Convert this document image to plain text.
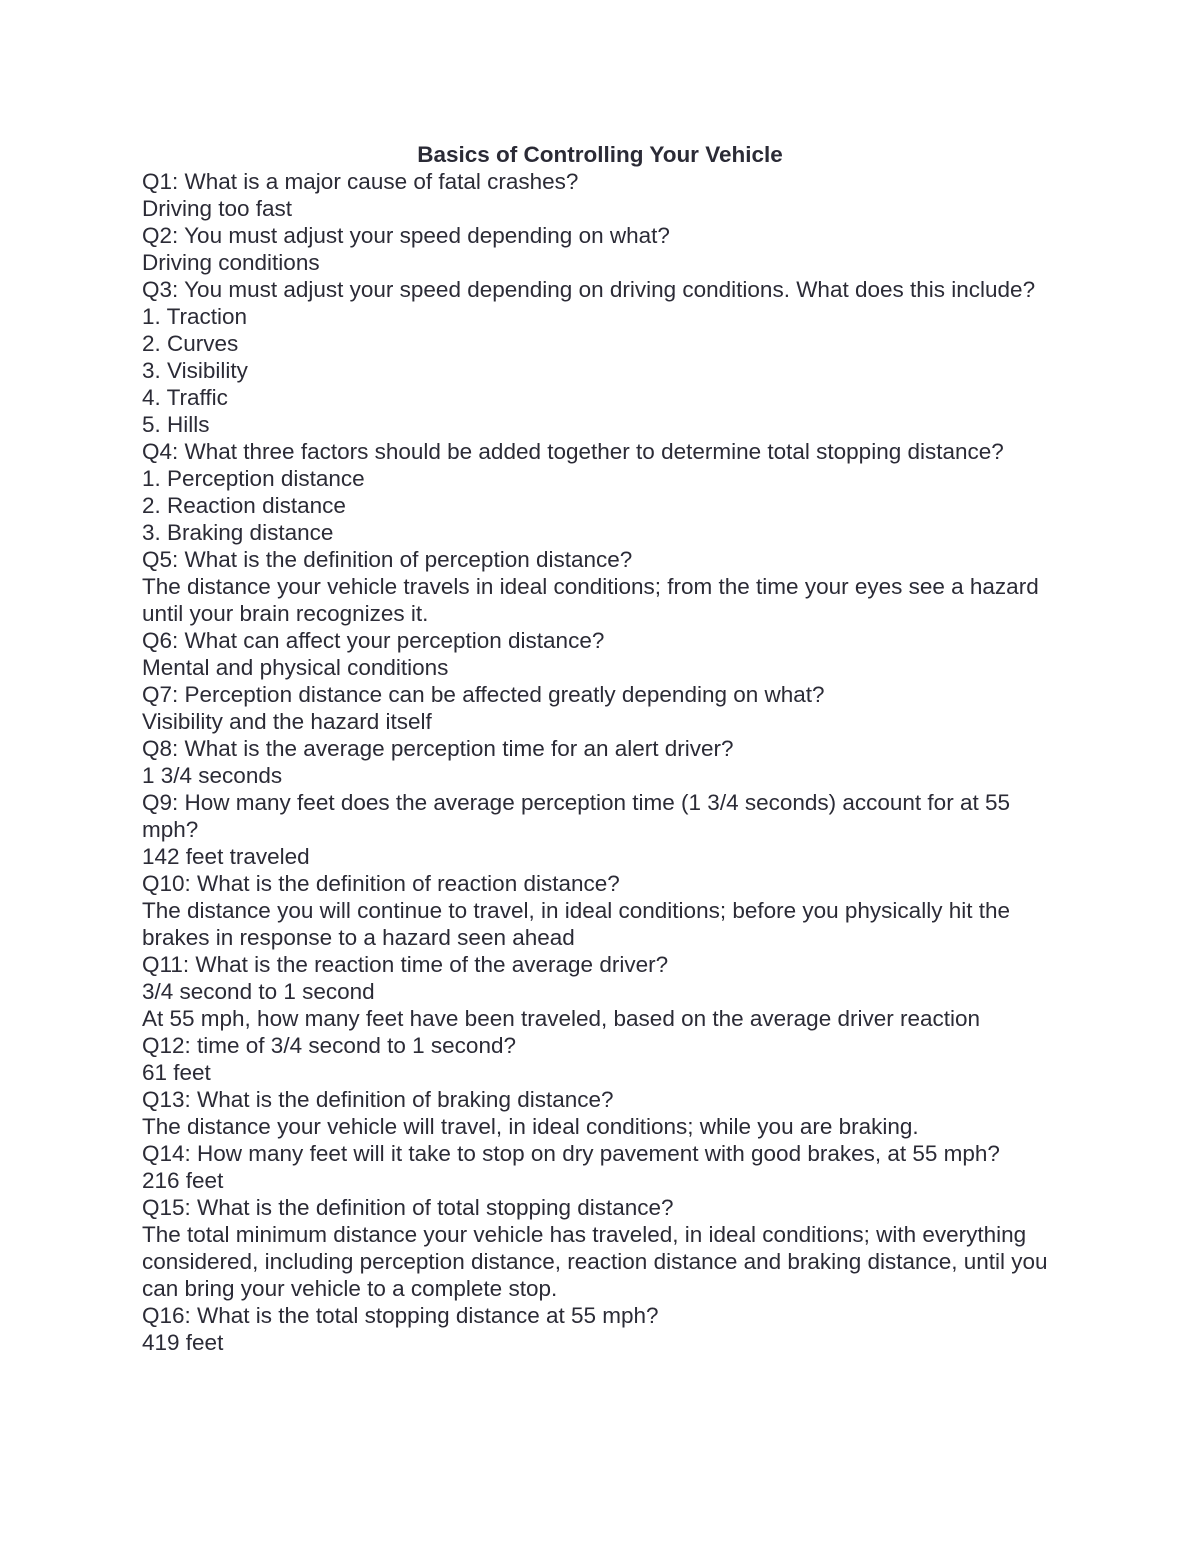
Basics of Controlling Your Vehicle

Q1: What is a major cause of fatal crashes?

Driving too fast

Q2: You must adjust your speed depending on what?

Driving conditions

Q3: You must adjust your speed depending on driving conditions. What does this include?

1. Traction

2. Curves

3. Visibility

4. Traffic

5. Hills

Q4: What three factors should be added together to determine total stopping distance?

1. Perception distance

2. Reaction distance

3. Braking distance

Q5: What is the definition of perception distance?

The distance your vehicle travels in ideal conditions; from the time your eyes see a hazard until your brain recognizes it.

Q6: What can affect your perception distance?

Mental and physical conditions

Q7: Perception distance can be affected greatly depending on what?

Visibility and the hazard itself

Q8: What is the average perception time for an alert driver?

1 3/4 seconds

Q9: How many feet does the average perception time (1 3/4 seconds) account for at 55 mph?

142 feet traveled

Q10: What is the definition of reaction distance?

The distance you will continue to travel, in ideal conditions; before you physically hit the brakes in response to a hazard seen ahead

Q11: What is the reaction time of the average driver?

3/4 second to 1 second

At 55 mph, how many feet have been traveled, based on the average driver reaction

Q12: time of 3/4 second to 1 second?

61 feet

Q13: What is the definition of braking distance?

The distance your vehicle will travel, in ideal conditions; while you are braking.

Q14: How many feet will it take to stop on dry pavement with good brakes, at 55 mph?

216 feet

Q15: What is the definition of total stopping distance?

The total minimum distance your vehicle has traveled, in ideal conditions; with everything considered, including perception distance, reaction distance and braking distance, until you can bring your vehicle to a complete stop.

Q16: What is the total stopping distance at 55 mph?

419 feet
